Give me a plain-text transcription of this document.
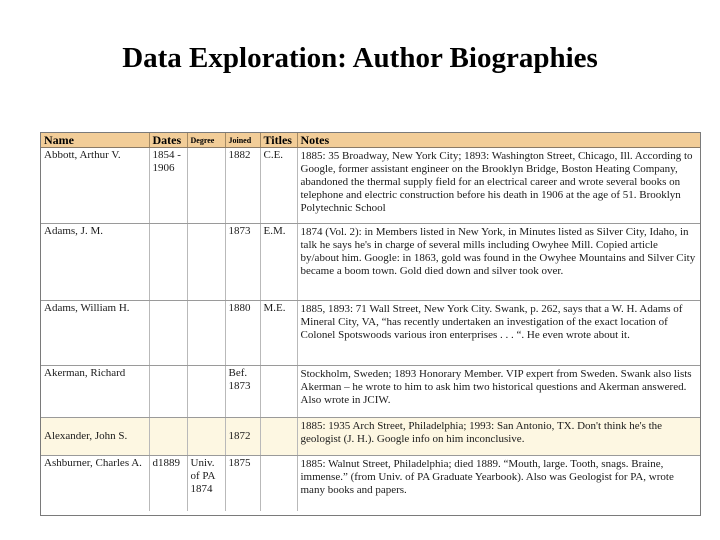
Data Exploration: Author Biographies
Name	Dates	Degree	Joined	Titles	Notes
Abbott, Arthur V.	1854 - 1906		1882	C.E.	1885: 35 Broadway, New York City; 1893: Washington Street, Chicago, Ill. According to Google, former assistant engineer on the Brooklyn Bridge, Boston Heating Company, abandoned the thermal supply field for an electrical career and wrote several books on telephone and electric construction before his death in 1906 at the age of 51. Brooklyn Polytechnic School
Adams, J. M.			1873	E.M.	1874 (Vol. 2): in Members listed in New York, in Minutes listed as Silver City, Idaho, in talk he says he's in charge of several mills including Owyhee Mill. Copied article by/about him. Google: in 1863, gold was found in the Owyhee Mountains and Silver City became a boom town. Gold died down and silver took over.
Adams, William H.			1880	M.E.	1885, 1893: 71 Wall Street, New York City. Swank, p. 262, says that a W. H. Adams of Mineral City, VA, “has recently undertaken an investigation of the exact location of Colonel Spotswoods various iron enterprises . . . “. He even wrote about it.
Akerman, Richard			Bef. 1873		Stockholm, Sweden; 1893 Honorary Member. VIP expert from Sweden. Swank also lists Akerman – he wrote to him to ask him two historical questions and Akerman answered. Also wrote in JCIW.
Alexander, John S.			1872		1885: 1935 Arch Street, Philadelphia; 1993: San Antonio, TX. Don't think he's the geologist (J. H.). Google info on him inconclusive.
Ashburner, Charles A.	d1889	Univ. of PA 1874	1875		1885: Walnut Street, Philadelphia; died 1889. “Mouth, large. Tooth, snags. Braine, immense.” (from Univ. of PA Graduate Yearbook). Also was Geologist for PA, wrote many books and papers.
